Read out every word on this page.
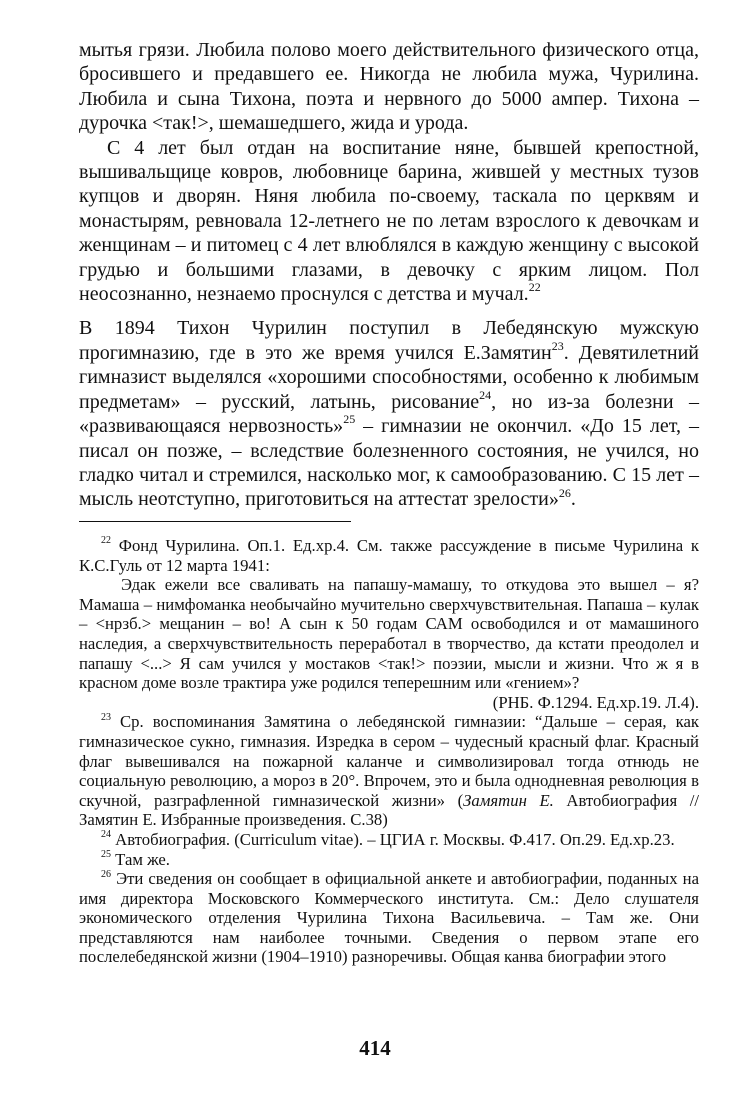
мытья грязи. Любила полово моего действительного физического отца, бросившего и предавшего ее. Никогда не любила мужа, Чурилина. Любила и сына Тихона, поэта и нервного до 5000 ампер. Тихона – дурочка <так!>, шемашедшего, жида и урода.

С 4 лет был отдан на воспитание няне, бывшей крепостной, вышивальщице ковров, любовнице барина, жившей у местных тузов купцов и дворян. Няня любила по-своему, таскала по церквям и монастырям, ревновала 12-летнего не по летам взрослого к девочкам и женщинам – и питомец с 4 лет влюблялся в каждую женщину с высокой грудью и большими глазами, в девочку с ярким лицом. Пол неосознанно, незнаемо проснулся с детства и мучал.$^{22}$

В 1894 Тихон Чурилин поступил в Лебедянскую мужскую прогимназию, где в это же время учился Е.Замятин$^{23}$. Девятилетний гимназист выделялся «хорошими способностями, особенно к любимым предметам» – русский, латынь, рисование$^{24}$, но из-за болезни – «развивающаяся нервозность»$^{25}$ – гимназии не окончил. «До 15 лет, – писал он позже, – вследствие болезненного состояния, не учился, но гладко читал и стремился, насколько мог, к самообразованию. С 15 лет – мысль неотступно, приготовиться на аттестат зрелости»$^{26}$.

$^{22}$ Фонд Чурилина. Оп.1. Ед.хр.4. См. также рассуждение в письме Чурилина к К.С.Гуль от 12 марта 1941:

Эдак ежели все сваливать на папашу-мамашу, то откудова это вышел – я? Мамаша – нимфоманка необычайно мучительно сверхчувствительная. Папаша – кулак – <нрзб.> мещанин – во! А сын к 50 годам САМ освободился и от мамашиного наследия, а сверхчувствительность переработал в творчество, да кстати преодолел и папашу <...> Я сам учился у мостаков <так!> поэзии, мысли и жизни. Что ж я в красном доме возле трактира уже родился теперешним или «гением»?

(РНБ. Ф.1294. Ед.хр.19. Л.4).

$^{23}$ Ср. воспоминания Замятина о лебедянской гимназии: “Дальше – серая, как гимназическое сукно, гимназия. Изредка в сером – чудесный красный флаг. Красный флаг вывешивался на пожарной каланче и символизировал тогда отнюдь не социальную революцию, а мороз в 20°. Впрочем, это и была однодневная революция в скучной, разграфленной гимназической жизни» (Замятин Е. Автобиография // Замятин Е. Избранные произведения. С.38)

$^{24}$ Автобиография. (Curriculum vitae). – ЦГИА г. Москвы. Ф.417. Оп.29. Ед.хр.23.

$^{25}$ Там же.

$^{26}$ Эти сведения он сообщает в официальной анкете и автобиографии, поданных на имя директора Московского Коммерческого института. См.: Дело слушателя экономического отделения Чурилина Тихона Васильевича. – Там же. Они представляются нам наиболее точными. Сведения о первом этапе его послелебедянской жизни (1904–1910) разноречивы. Общая канва биографии этого

414
